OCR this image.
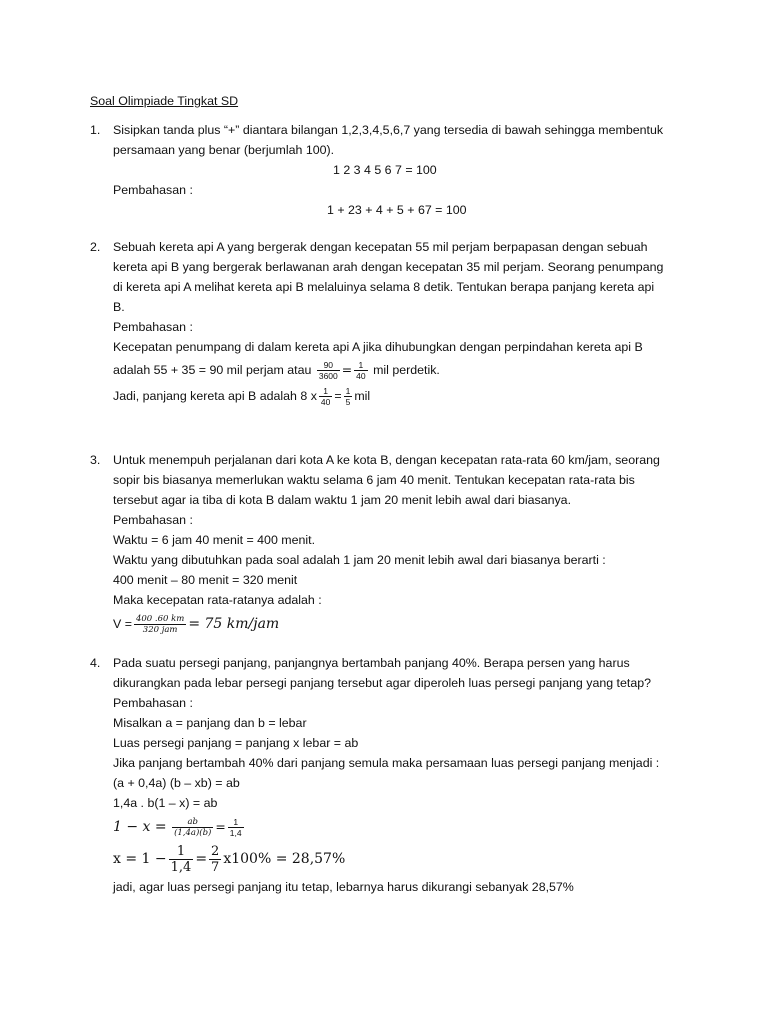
Soal Olimpiade Tingkat SD
1. Sisipkan tanda plus “+” diantara bilangan 1,2,3,4,5,6,7 yang tersedia di bawah sehingga membentuk
persamaan yang benar (berjumlah 100).
1 2 3 4 5 6 7 = 100
Pembahasan :
1 + 23 + 4 + 5 + 67 = 100
2. Sebuah kereta api A yang bergerak dengan kecepatan 55 mil perjam berpapasan dengan sebuah
kereta api B yang bergerak berlawanan arah dengan kecepatan 35 mil perjam. Seorang penumpang
di kereta api A melihat kereta api B melaluinya selama 8 detik. Tentukan berapa panjang kereta api
B.
Pembahasan :
Kecepatan penumpang di dalam kereta api A jika dihubungkan dengan perpindahan kereta api B
adalah 55 + 35 = 90 mil perjam atau $\frac{90}{3600} = \frac{1}{40}$ mil perdetik.
Jadi, panjang kereta api B adalah 8 x $\frac{1}{40} = \frac{1}{5}$ mil
3. Untuk menempuh perjalanan dari kota A ke kota B, dengan kecepatan rata-rata 60 km/jam, seorang
sopir bis biasanya memerlukan waktu selama 6 jam 40 menit. Tentukan kecepatan rata-rata bis
tersebut agar ia tiba di kota B dalam waktu 1 jam 20 menit lebih awal dari biasanya.
Pembahasan :
Waktu = 6 jam 40 menit = 400 menit.
Waktu yang dibutuhkan pada soal adalah 1 jam 20 menit lebih awal dari biasanya berarti :
400 menit – 80 menit = 320 menit
Maka kecepatan rata-ratanya adalah :
$V = \frac{400 .60 km}{\text{320 jam}} = 75$ km/jam
4. Pada suatu persegi panjang, panjangnya bertambah panjang 40%. Berapa persen yang harus
dikurangkan pada lebar persegi panjang tersebut agar diperoleh luas persegi panjang yang tetap?
Pembahasan :
Misalkan a = panjang dan b = lebar
Luas persegi panjang = panjang x lebar = ab
Jika panjang bertambah 40% dari panjang semula maka persamaan luas persegi panjang menjadi :
(a + 0,4a) (b – xb) = ab
1,4a . b(1 – x) = ab
$1 - x = \frac{ab}{(1,4a)(b)} = \frac{1}{1,4}$
$x = 1 - \frac{1}{1,4} = \frac{2}{7} x100\% = 28,57\%$
jadi, agar luas persegi panjang itu tetap, lebarnya harus dikurangi sebanyak 28,57%
